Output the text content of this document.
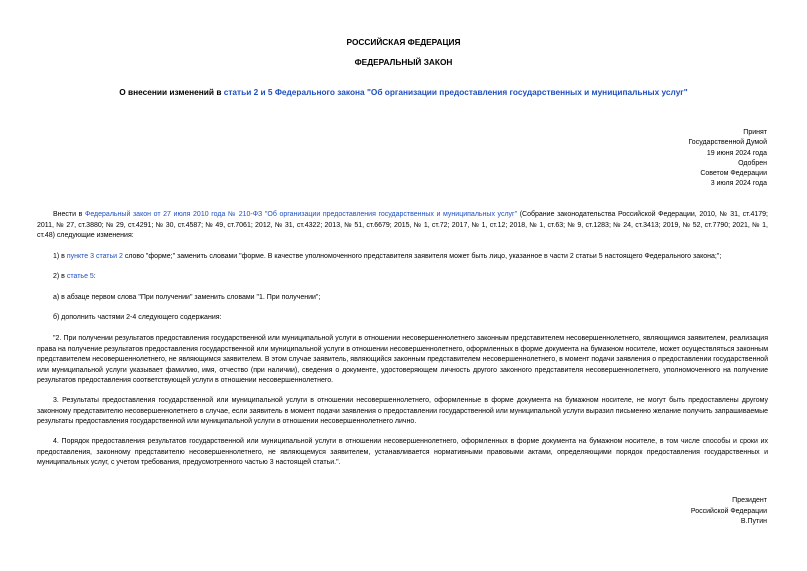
РОССИЙСКАЯ ФЕДЕРАЦИЯ
ФЕДЕРАЛЬНЫЙ ЗАКОН
О внесении изменений в статьи 2 и 5 Федерального закона "Об организации предоставления государственных и муниципальных услуг"
Принят
Государственной Думой
19 июня 2024 года
Одобрен
Советом Федерации
3 июля 2024 года
Внести в Федеральный закон от 27 июля 2010 года № 210-ФЗ "Об организации предоставления государственных и муниципальных услуг" (Собрание законодательства Российской Федерации, 2010, № 31, ст.4179; 2011, № 27, ст.3880; № 29, ст.4291; № 30, ст.4587; № 49, ст.7061; 2012, № 31, ст.4322; 2013, № 51, ст.6679; 2015, № 1, ст.72; 2017, № 1, ст.12; 2018, № 1, ст.63; № 9, ст.1283; № 24, ст.3413; 2019, № 52, ст.7790; 2021, № 1, ст.48) следующие изменения:
1) в пункте 3 статьи 2 слово "форме;" заменить словами "форме. В качестве уполномоченного представителя заявителя может быть лицо, указанное в части 2 статьи 5 настоящего Федерального закона;";
2) в статье 5:
а) в абзаце первом слова "При получении" заменить словами "1. При получении";
б) дополнить частями 2-4 следующего содержания:
"2. При получении результатов предоставления государственной или муниципальной услуги в отношении несовершеннолетнего законным представителем несовершеннолетнего, являющимся заявителем, реализация права на получение результатов предоставления государственной или муниципальной услуги в отношении несовершеннолетнего, оформленных в форме документа на бумажном носителе, может осуществляться законным представителем несовершеннолетнего, не являющимся заявителем. В этом случае заявитель, являющийся законным представителем несовершеннолетнего, в момент подачи заявления о предоставлении государственной или муниципальной услуги указывает фамилию, имя, отчество (при наличии), сведения о документе, удостоверяющем личность другого законного представителя несовершеннолетнего, уполномоченного на получение результатов предоставления соответствующей услуги в отношении несовершеннолетнего.
3. Результаты предоставления государственной или муниципальной услуги в отношении несовершеннолетнего, оформленные в форме документа на бумажном носителе, не могут быть предоставлены другому законному представителю несовершеннолетнего в случае, если заявитель в момент подачи заявления о предоставлении государственной или муниципальной услуги выразил письменно желание получить запрашиваемые результаты предоставления государственной или муниципальной услуги в отношении несовершеннолетнего лично.
4. Порядок предоставления результатов государственной или муниципальной услуги в отношении несовершеннолетнего, оформленных в форме документа на бумажном носителе, в том числе способы и сроки их предоставления, законному представителю несовершеннолетнего, не являющемуся заявителем, устанавливается нормативными правовыми актами, определяющими порядок предоставления государственных и муниципальных услуг, с учетом требования, предусмотренного частью 3 настоящей статьи.".
Президент
Российской Федерации
В.Путин
